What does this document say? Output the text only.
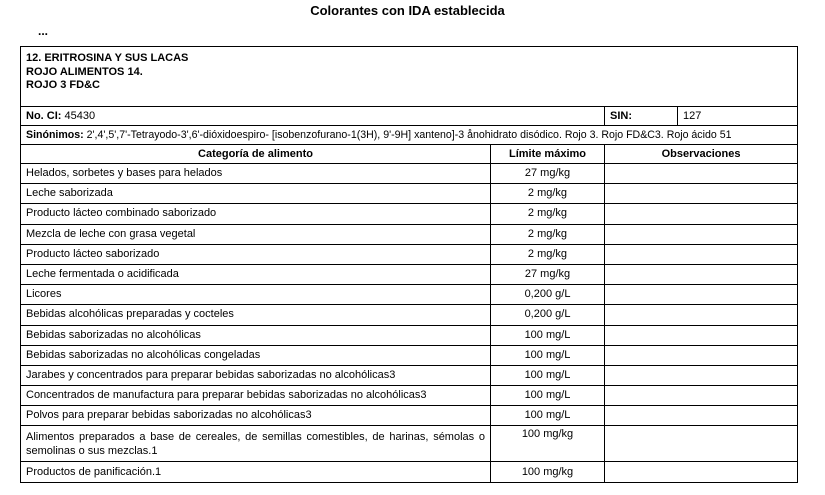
Colorantes con IDA establecida
...
12. ERITROSINA Y SUS LACAS
ROJO ALIMENTOS 14.
ROJO 3 FD&C			

No. CI: 45430		SIN:	127
Sinónimos: 2',4',5',7'-Tetrayodo-3',6'-dióxidoespiro- [isobenzofurano-1(3H), 9'-9H] xanteno]-3 ånohidrato disódico. Rojo 3. Rojo FD&C3. Rojo ácido 51			
Categoría de alimento	Límite máximo	Observaciones	
Helados, sorbetes y bases para helados	27 mg/kg		
Leche saborizada	2 mg/kg		
Producto lácteo combinado saborizado	2 mg/kg		
Mezcla de leche con grasa vegetal	2 mg/kg		
Producto lácteo saborizado	2 mg/kg		
Leche fermentada o acidificada	27 mg/kg		
Licores	0,200 g/L		
Bebidas alcohólicas preparadas y cocteles	0,200 g/L		
Bebidas saborizadas no alcohólicas	100 mg/L		
Bebidas saborizadas no alcohólicas congeladas	100 mg/L		
Jarabes y concentrados para preparar bebidas saborizadas no alcohólicas3	100 mg/L		
Concentrados de manufactura para preparar bebidas saborizadas no alcohólicas3	100 mg/L		
Polvos para preparar bebidas saborizadas no alcohólicas3	100 mg/L		
Alimentos preparados a base de cereales, de semillas comestibles, de harinas, sémolas o semolinas o sus mezclas.1	100 mg/kg		
Productos de panificación.1	100 mg/kg		
